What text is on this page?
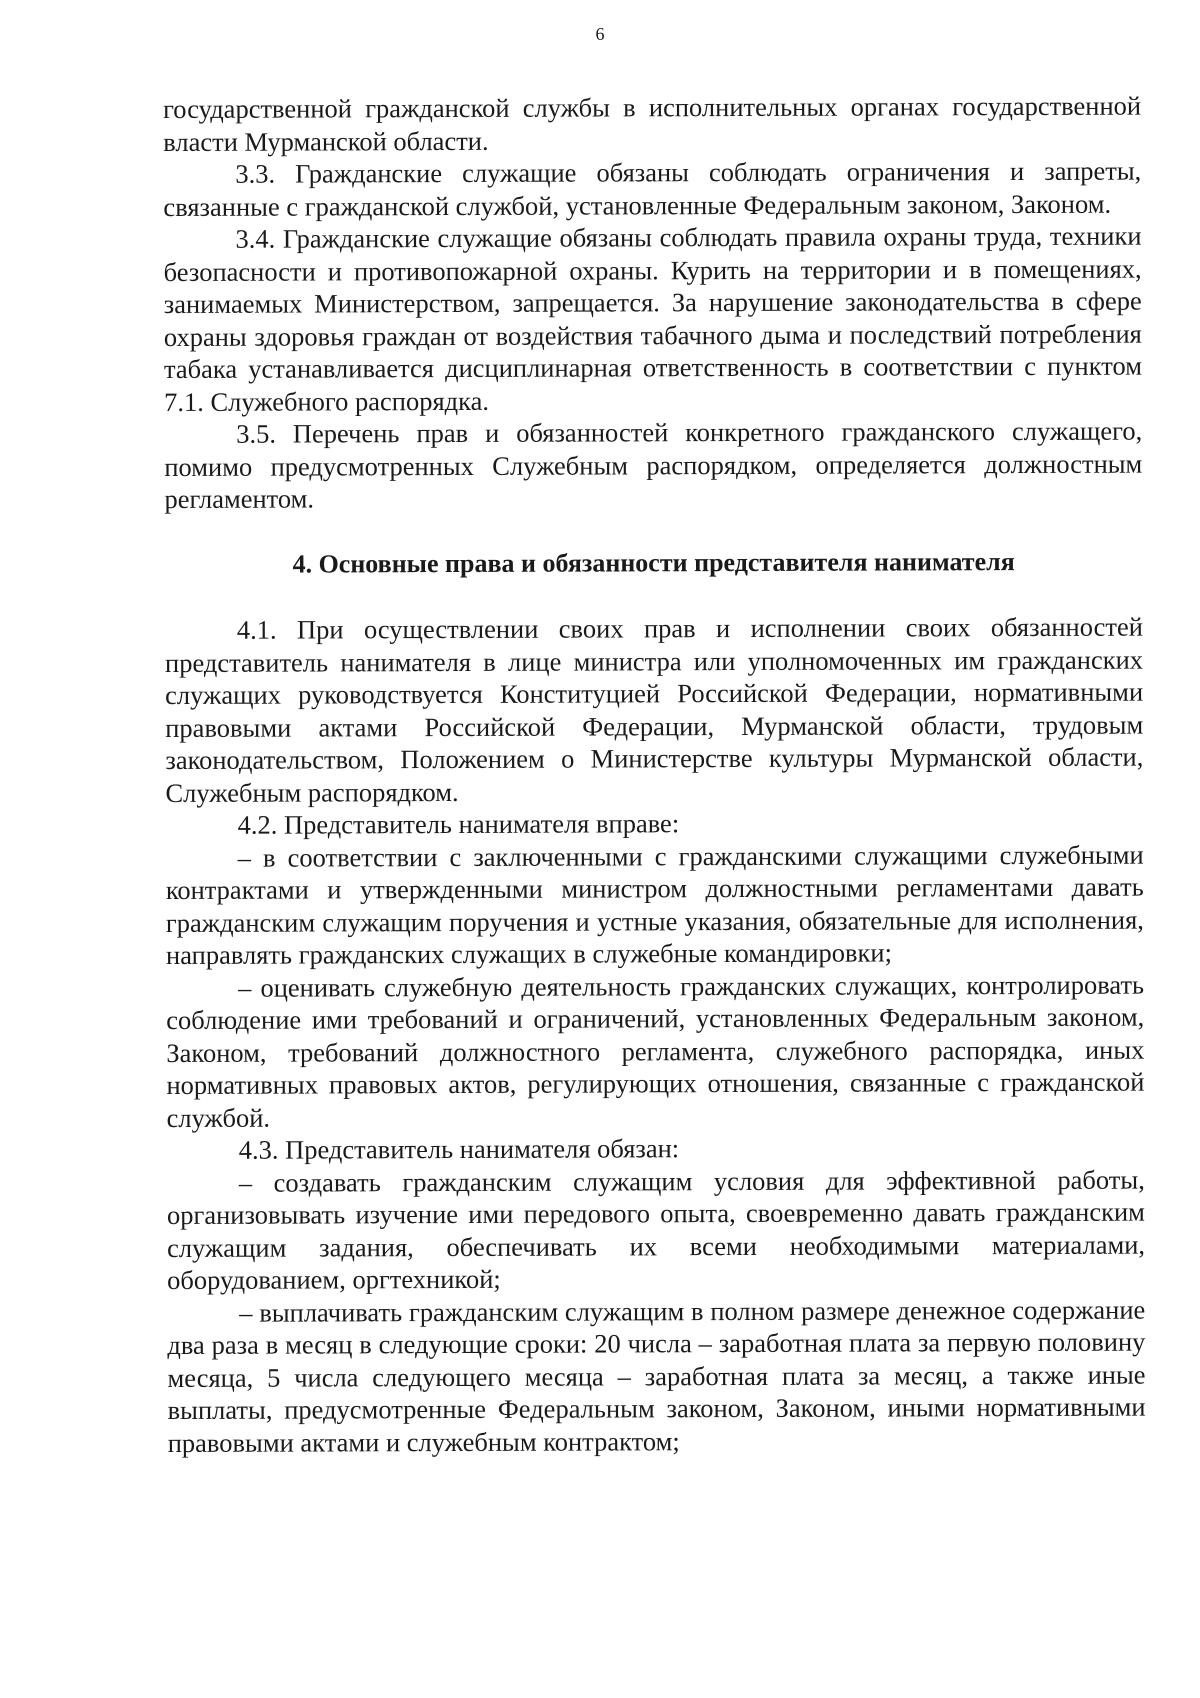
6

государственной гражданской службы в исполнительных органах государственной власти Мурманской области.

3.3. Гражданские служащие обязаны соблюдать ограничения и запреты, связанные с гражданской службой, установленные Федеральным законом, Законом.

3.4. Гражданские служащие обязаны соблюдать правила охраны труда, техники безопасности и противопожарной охраны. Курить на территории и в помещениях, занимаемых Министерством, запрещается. За нарушение законодательства в сфере охраны здоровья граждан от воздействия табачного дыма и последствий потребления табака устанавливается дисциплинарная ответственность в соответствии с пунктом 7.1. Служебного распорядка.

3.5. Перечень прав и обязанностей конкретного гражданского служащего, помимо предусмотренных Служебным распорядком, определяется должностным регламентом.

4. Основные права и обязанности представителя нанимателя

4.1. При осуществлении своих прав и исполнении своих обязанностей представитель нанимателя в лице министра или уполномоченных им гражданских служащих руководствуется Конституцией Российской Федерации, нормативными правовыми актами Российской Федерации, Мурманской области, трудовым законодательством, Положением о Министерстве культуры Мурманской области, Служебным распорядком.

4.2. Представитель нанимателя вправе:

– в соответствии с заключенными с гражданскими служащими служебными контрактами и утвержденными министром должностными регламентами давать гражданским служащим поручения и устные указания, обязательные для исполнения, направлять гражданских служащих в служебные командировки;

– оценивать служебную деятельность гражданских служащих, контролировать соблюдение ими требований и ограничений, установленных Федеральным законом, Законом, требований должностного регламента, служебного распорядка, иных нормативных правовых актов, регулирующих отношения, связанные с гражданской службой.

4.3. Представитель нанимателя обязан:

– создавать гражданским служащим условия для эффективной работы, организовывать изучение ими передового опыта, своевременно давать гражданским служащим задания, обеспечивать их всеми необходимыми материалами, оборудованием, оргтехникой;

– выплачивать гражданским служащим в полном размере денежное содержание два раза в месяц в следующие сроки: 20 числа – заработная плата за первую половину месяца, 5 числа следующего месяца – заработная плата за месяц, а также иные выплаты, предусмотренные Федеральным законом, Законом, иными нормативными правовыми актами и служебным контрактом;
